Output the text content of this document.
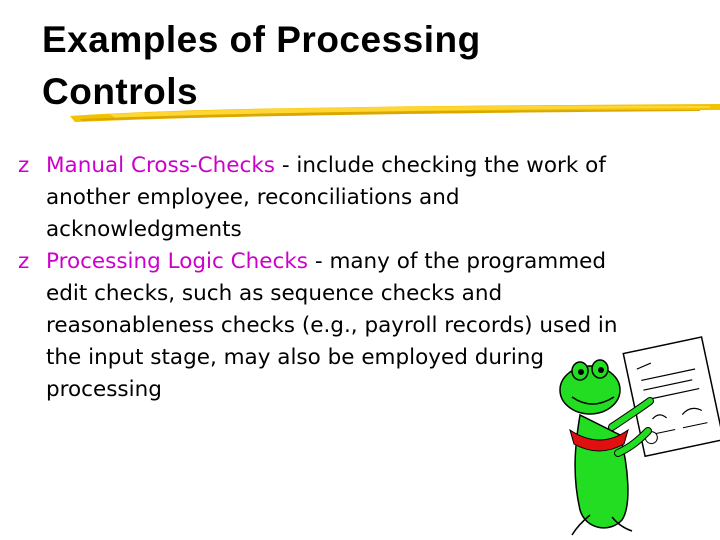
Examples of Processing Controls
z Manual Cross-Checks - include checking the work of another employee, reconciliations and acknowledgments
z Processing Logic Checks - many of the programmed edit checks, such as sequence checks and reasonableness checks (e.g., payroll records) used in the input stage, may also be employed during processing
